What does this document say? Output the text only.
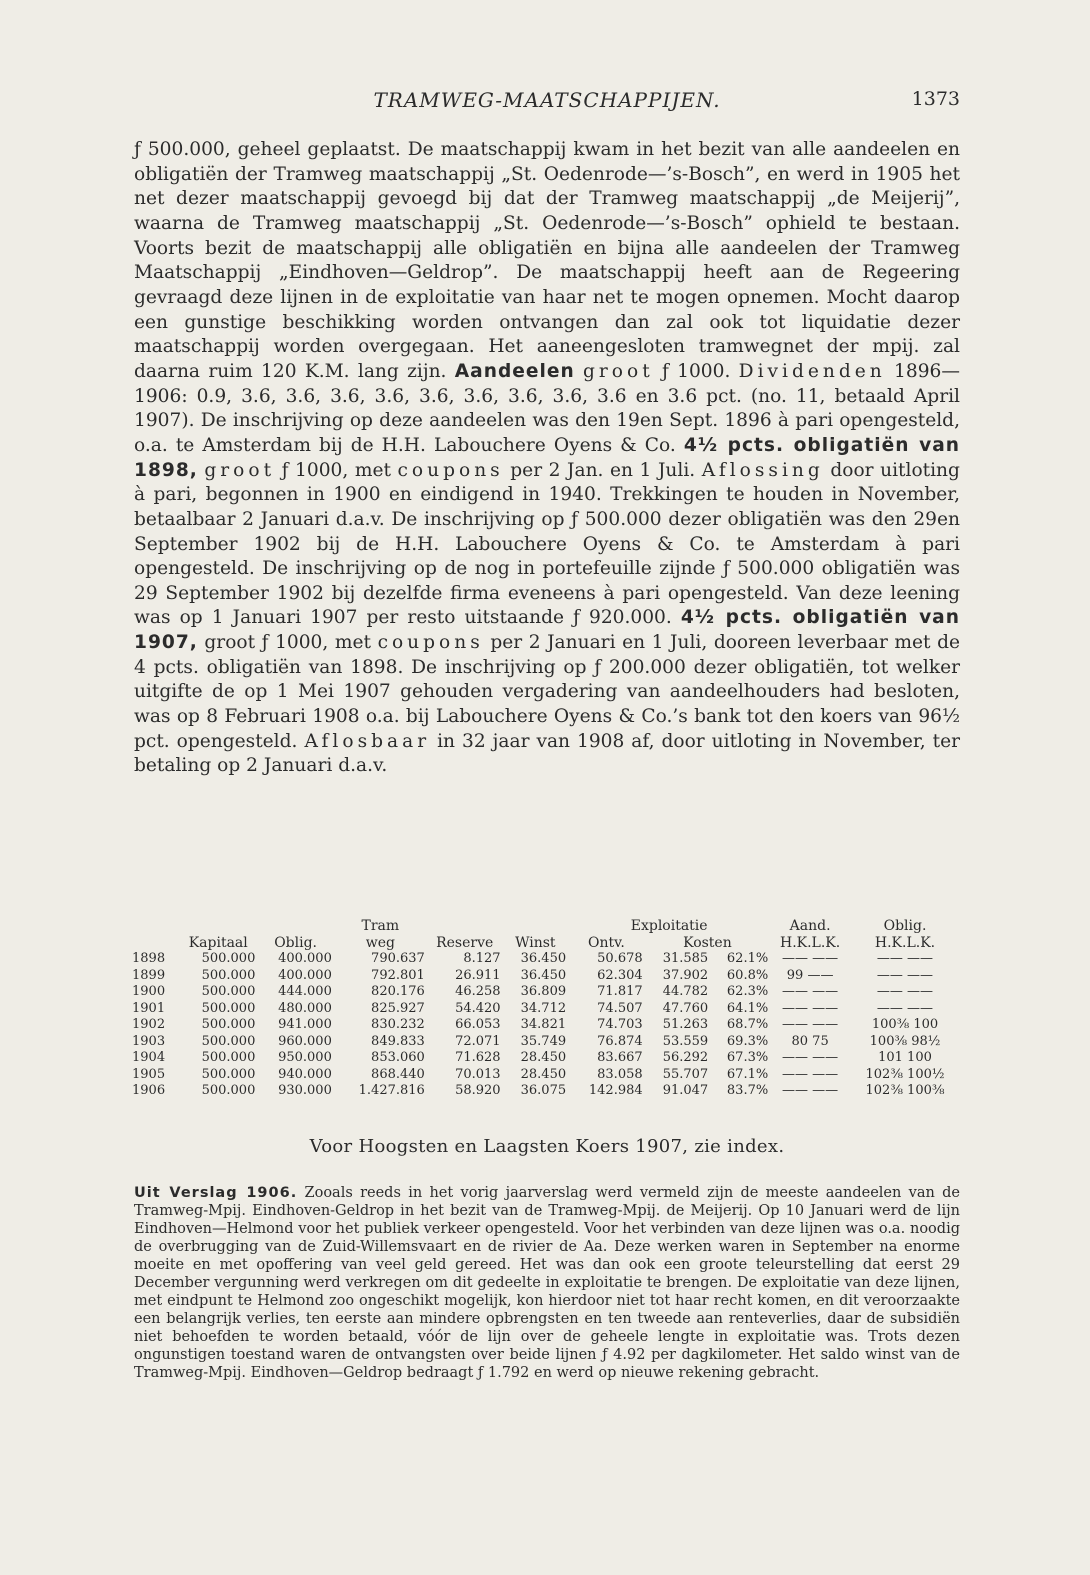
TRAMWEG-MAATSCHAPPIJEN.	1373

ƒ 500.000, geheel geplaatst. De maatschappij kwam in het bezit van alle aandeelen en obligatiën der Tramweg maatschappij „St. Oedenrode—’s-Bosch”, en werd in 1905 het net dezer maatschappij gevoegd bij dat der Tramweg maatschappij „de Meijerij”, waarna de Tramweg maatschappij „St. Oedenrode—’s-Bosch” ophield te bestaan. Voorts bezit de maatschappij alle obligatiën en bijna alle aandeelen der Tramweg Maatschappij „Eindhoven—Geldrop”. De maatschappij heeft aan de Regeering gevraagd deze lijnen in de exploitatie van haar net te mogen opnemen. Mocht daarop een gunstige beschikking worden ontvangen dan zal ook tot liquidatie dezer maatschappij worden overgegaan. Het aaneengesloten tramwegnet der mpij. zal daarna ruim 120 K.M. lang zijn. Aandeelen groot ƒ 1000. Dividenden 1896—1906: 0.9, 3.6, 3.6, 3.6, 3.6, 3.6, 3.6, 3.6, 3.6, 3.6 en 3.6 pct. (no. 11, betaald April 1907). De inschrijving op deze aandeelen was den 19en Sept. 1896 à pari opengesteld, o.a. te Amsterdam bij de H.H. Labouchere Oyens & Co. 4½ pcts. obligatiën van 1898, groot ƒ 1000, met coupons per 2 Jan. en 1 Juli. Aflossing door uitloting à pari, begonnen in 1900 en eindigend in 1940. Trekkingen te houden in November, betaalbaar 2 Januari d.a.v. De inschrijving op ƒ 500.000 dezer obligatiën was den 29en September 1902 bij de H.H. Labouchere Oyens & Co. te Amsterdam à pari opengesteld. De inschrijving op de nog in portefeuille zijnde ƒ 500.000 obligatiën was 29 September 1902 bij dezelfde firma eveneens à pari opengesteld. Van deze leening was op 1 Januari 1907 per resto uitstaande ƒ 920.000. 4½ pcts. obligatiën van 1907, groot ƒ 1000, met coupons per 2 Januari en 1 Juli, dooreen leverbaar met de 4 pcts. obligatiën van 1898. De inschrijving op ƒ 200.000 dezer obligatiën, tot welker uitgifte de op 1 Mei 1907 gehouden vergadering van aandeelhouders had besloten, was op 8 Februari 1908 o.a. bij Labouchere Oyens & Co.’s bank tot den koers van 96½ pct. opengesteld. Aflosbaar in 32 jaar van 1908 af, door uitloting in November, ter betaling op 2 Januari d.a.v.

			Tram			Exploitatie			Aand.	Oblig.
	Kapitaal	Oblig.	weg	Reserve	Winst	Ontv.	Kosten		H.K.L.K.	H.K.L.K.
1898	500.000	400.000	790.637	8.127	36.450	50.678	31.585	62.1%	—— ——	—— ——
1899	500.000	400.000	792.801	26.911	36.450	62.304	37.902	60.8%	99 ——	—— ——
1900	500.000	444.000	820.176	46.258	36.809	71.817	44.782	62.3%	—— ——	—— ——
1901	500.000	480.000	825.927	54.420	34.712	74.507	47.760	64.1%	—— ——	—— ——
1902	500.000	941.000	830.232	66.053	34.821	74.703	51.263	68.7%	—— ——	100⅜ 100
1903	500.000	960.000	849.833	72.071	35.749	76.874	53.559	69.3%	80 75	100⅜ 98½
1904	500.000	950.000	853.060	71.628	28.450	83.667	56.292	67.3%	—— ——	101 100
1905	500.000	940.000	868.440	70.013	28.450	83.058	55.707	67.1%	—— ——	102⅜ 100½
1906	500.000	930.000	1.427.816	58.920	36.075	142.984	91.047	83.7%	—— ——	102⅜ 100⅜
Voor Hoogsten en Laagsten Koers 1907, zie index.

Uit Verslag 1906. Zooals reeds in het vorig jaarverslag werd vermeld zijn de meeste aandeelen van de Tramweg-Mpij. Eindhoven-Geldrop in het bezit van de Tramweg-Mpij. de Meijerij. Op 10 Januari werd de lijn Eindhoven—Helmond voor het publiek verkeer opengesteld. Voor het verbinden van deze lijnen was o.a. noodig de overbrugging van de Zuid-Willemsvaart en de rivier de Aa. Deze werken waren in September na enorme moeite en met opoffering van veel geld gereed. Het was dan ook een groote teleurstelling dat eerst 29 December vergunning werd verkregen om dit gedeelte in exploitatie te brengen. De exploitatie van deze lijnen, met eindpunt te Helmond zoo ongeschikt mogelijk, kon hierdoor niet tot haar recht komen, en dit veroorzaakte een belangrijk verlies, ten eerste aan mindere opbrengsten en ten tweede aan renteverlies, daar de subsidiën niet behoefden te worden betaald, vóór de lijn over de geheele lengte in exploitatie was. Trots dezen ongunstigen toestand waren de ontvangsten over beide lijnen ƒ 4.92 per dagkilometer. Het saldo winst van de Tramweg-Mpij. Eindhoven—Geldrop bedraagt ƒ 1.792 en werd op nieuwe rekening gebracht.
